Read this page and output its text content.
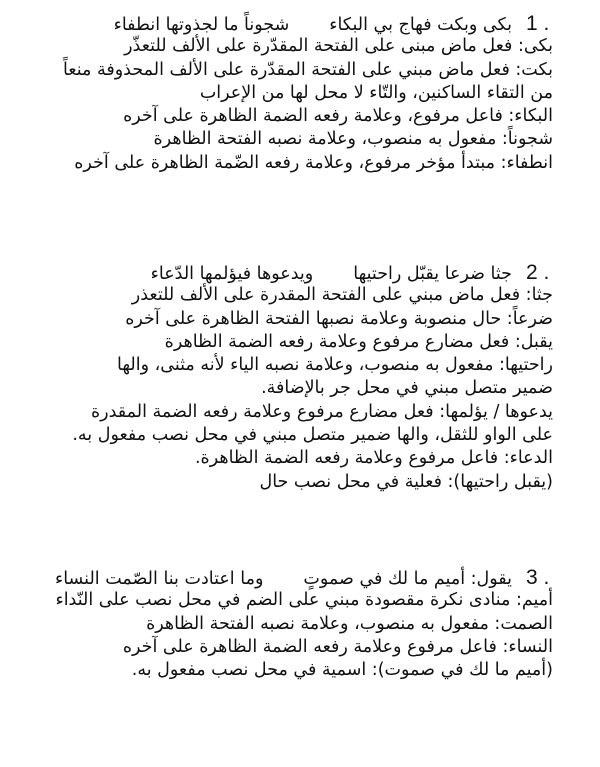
1 .بكى وبكت فهاج بي البكاءشجوناً ما لجذوتها انطفاء
بكى: فعل ماض مبنى على الفتحة المقدّرة على الألف للتعذّر
بكت: فعل ماض مبني على الفتحة المقدّرة على الألف المحذوفة منعاً
من التقاء الساكنين، والتّاء لا محل لها من الإعراب
البكاء: فاعل مرفوع، وعلامة رفعه الضمة الظاهرة على آخره
شجوناً: مفعول به منصوب، وعلامة نصبه الفتحة الظاهرة
انطفاء: مبتدأ مؤخر مرفوع، وعلامة رفعه الضّمة الظاهرة على آخره
2 .جثا ضرعا يقبّل راحتيهاويدعوها فيؤلمها الدّعاء
جثا: فعل ماض مبني على الفتحة المقدرة على الألف للتعذر
ضرعاً: حال منصوبة وعلامة نصبها الفتحة الظاهرة على آخره
يقبل: فعل مضارع مرفوع وعلامة رفعه الضمة الظاهرة
راحتيها: مفعول به منصوب، وعلامة نصبه الياء لأنه مثنى، والها
ضمير متصل مبني في محل جر بالإضافة.
يدعوها / يؤلمها: فعل مضارع مرفوع وعلامة رفعه الضمة المقدرة
على الواو للثقل، والها ضمير متصل مبني في محل نصب مفعول به.
الدعاء: فاعل مرفوع وعلامة رفعه الضمة الظاهرة.
(يقبل راحتيها): فعلية في محل نصب حال
3 .يقول: أميم ما لك في صموتٍوما اعتادت بنا الصّمت النساء
أميم: منادى نكرة مقصودة مبني على الضم في محل نصب على النّداء
الصمت: مفعول به منصوب، وعلامة نصبه الفتحة الظاهرة
النساء: فاعل مرفوع وعلامة رفعه الضمة الظاهرة على آخره
(أميم ما لك في صموت): اسمية في محل نصب مفعول به.
